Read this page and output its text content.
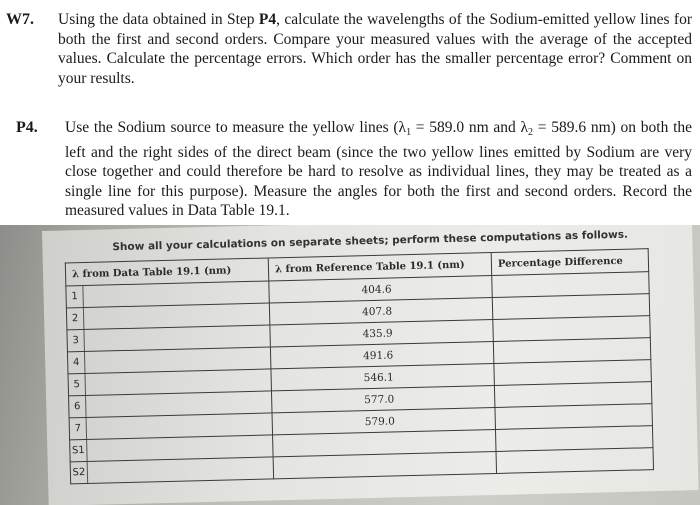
W7. Using the data obtained in Step P4, calculate the wavelengths of the Sodium-emitted yellow lines for both the first and second orders. Compare your measured values with the average of the accepted values. Calculate the percentage errors. Which order has the smaller percentage error? Comment on your results.
P4. Use the Sodium source to measure the yellow lines ($\lambda_1 = 589.0$ nm and $\lambda_2 = 589.6$ nm) on both the left and the right sides of the direct beam (since the two yellow lines emitted by Sodium are very close together and could therefore be hard to resolve as individual lines, they may be treated as a single line for this purpose). Measure the angles for both the first and second orders. Record the measured values in Data Table 19.1.
Show all your calculations on separate sheets; perform these computations as follows.
λ from Data Table 19.1 (nm)	λ from Reference Table 19.1 (nm)	Percentage Difference

1	404.6	

2	407.8	

3	435.9	

4	491.6	

5	546.1	

6	577.0	

7	579.0	

S1		

S2		
